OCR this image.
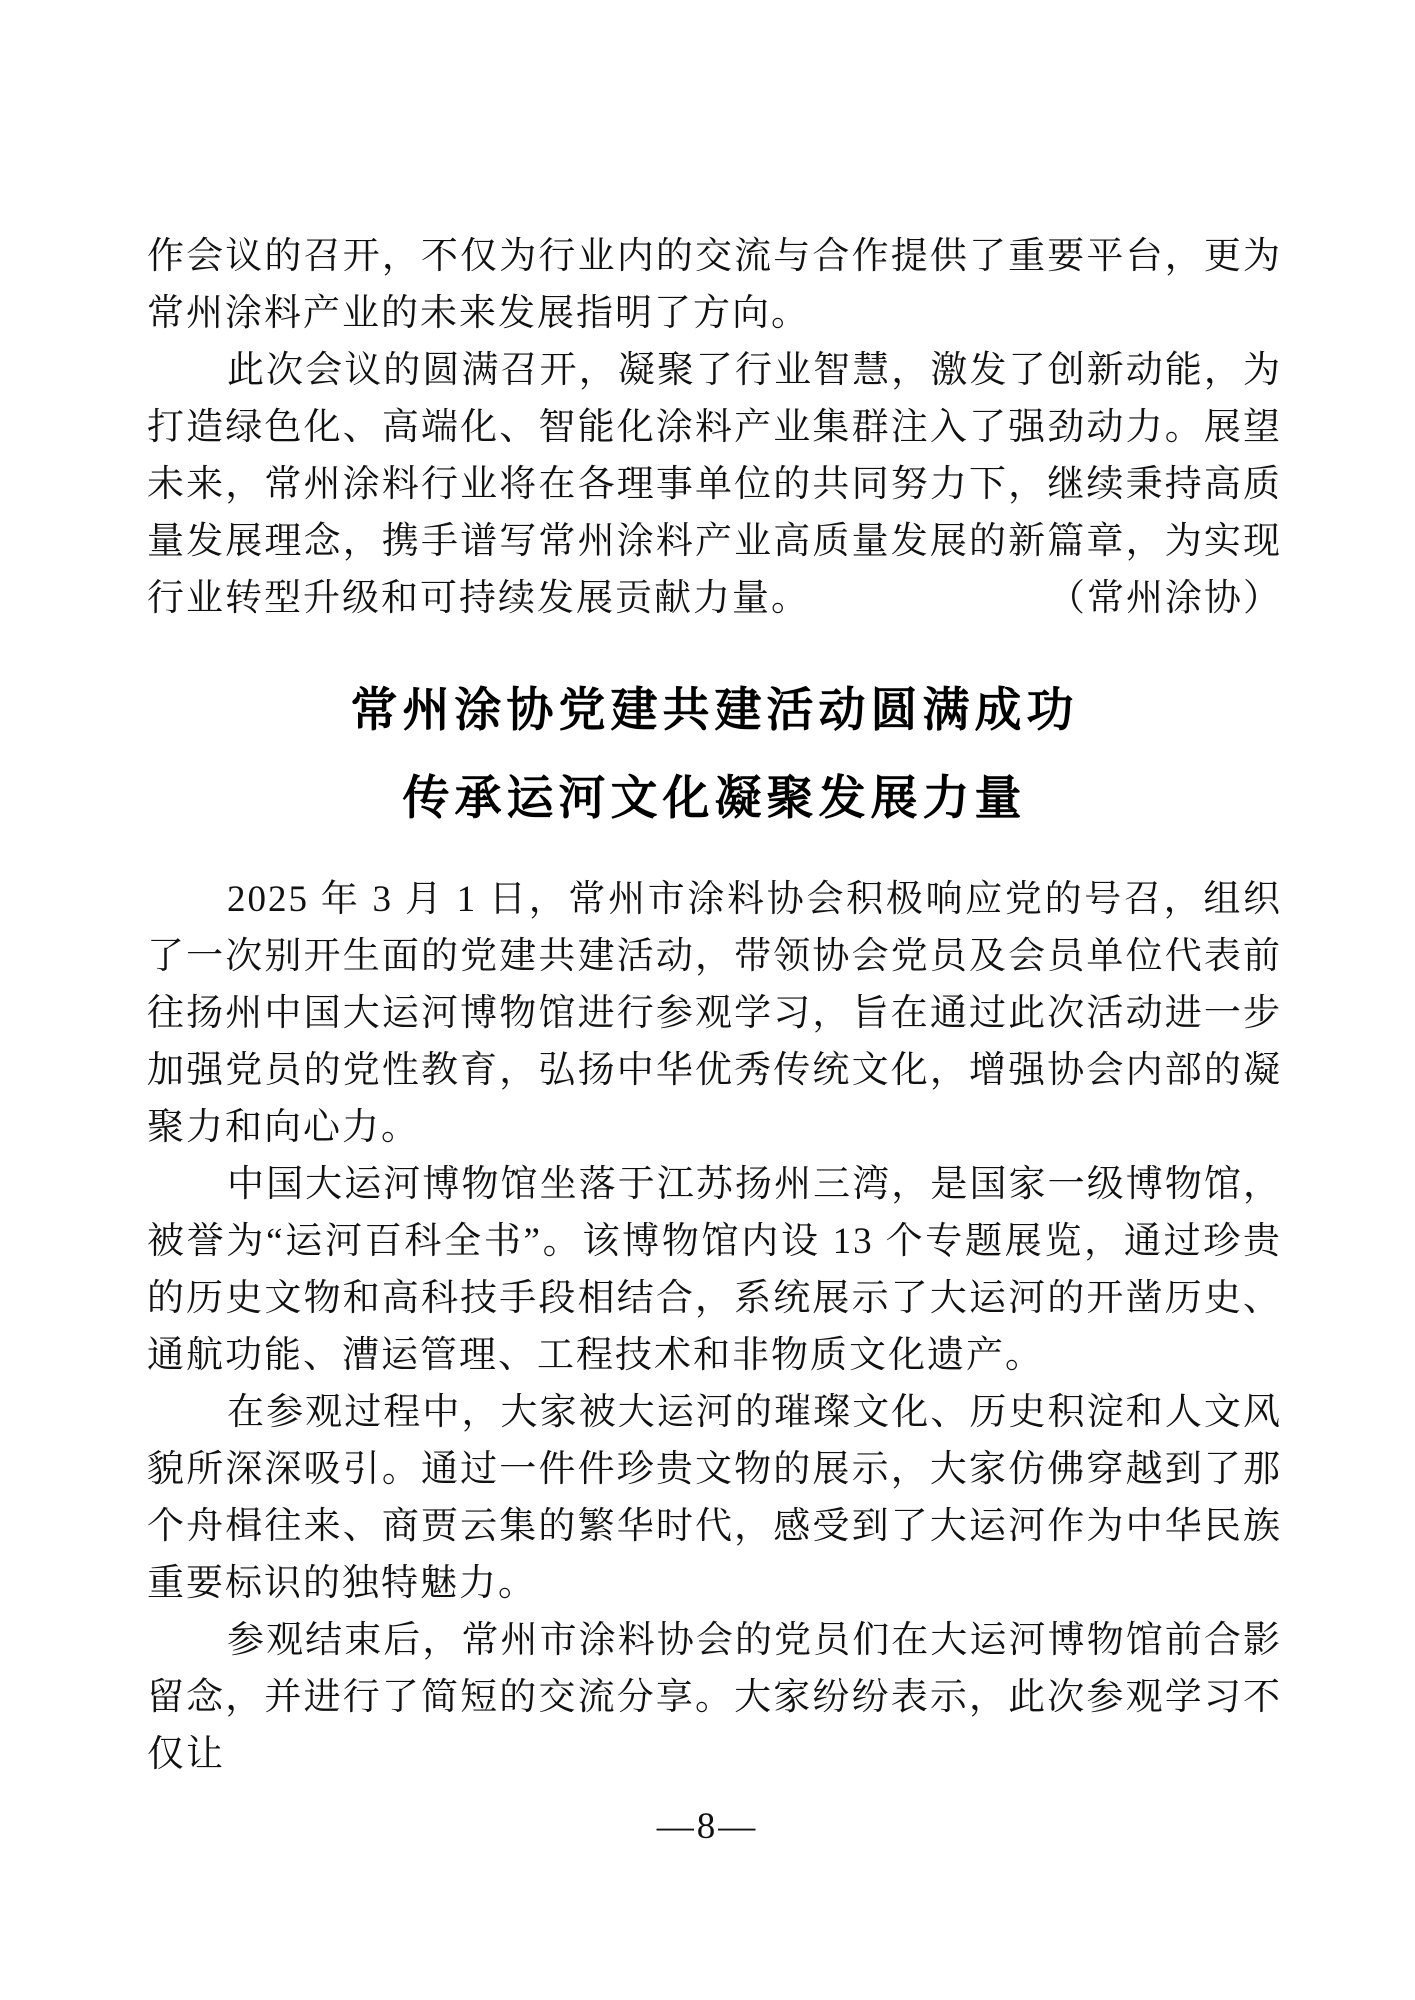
作会议的召开，不仅为行业内的交流与合作提供了重要平台，更为常州涂料产业的未来发展指明了方向。

此次会议的圆满召开，凝聚了行业智慧，激发了创新动能，为打造绿色化、高端化、智能化涂料产业集群注入了强劲动力。展望未来，常州涂料行业将在各理事单位的共同努力下，继续秉持高质量发展理念，携手谱写常州涂料产业高质量发展的新篇章，为实现行业转型升级和可持续发展贡献力量。	（常州涂协）

常州涂协党建共建活动圆满成功
传承运河文化凝聚发展力量

2025 年 3 月 1 日，常州市涂料协会积极响应党的号召，组织了一次别开生面的党建共建活动，带领协会党员及会员单位代表前往扬州中国大运河博物馆进行参观学习，旨在通过此次活动进一步加强党员的党性教育，弘扬中华优秀传统文化，增强协会内部的凝聚力和向心力。

中国大运河博物馆坐落于江苏扬州三湾，是国家一级博物馆，被誉为“运河百科全书”。该博物馆内设 13 个专题展览，通过珍贵的历史文物和高科技手段相结合，系统展示了大运河的开凿历史、通航功能、漕运管理、工程技术和非物质文化遗产。

在参观过程中，大家被大运河的璀璨文化、历史积淀和人文风貌所深深吸引。通过一件件珍贵文物的展示，大家仿佛穿越到了那个舟楫往来、商贾云集的繁华时代，感受到了大运河作为中华民族重要标识的独特魅力。

参观结束后，常州市涂料协会的党员们在大运河博物馆前合影留念，并进行了简短的交流分享。大家纷纷表示，此次参观学习不仅让

—8—
